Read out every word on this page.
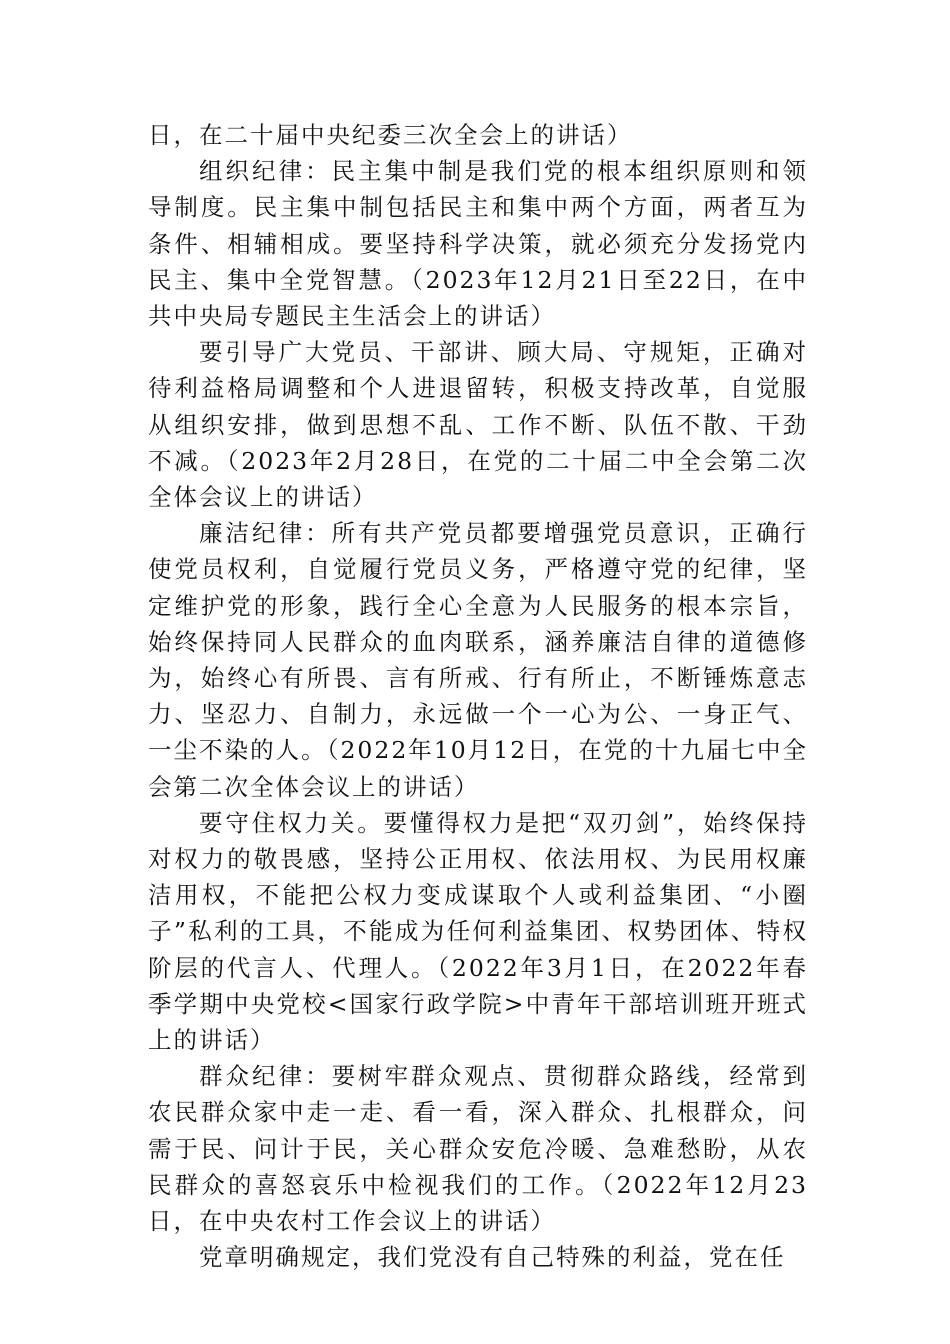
日，在二十届中央纪委三次全会上的讲话）

组织纪律：民主集中制是我们党的根本组织原则和领导制度。民主集中制包括民主和集中两个方面，两者互为条件、相辅相成。要坚持科学决策，就必须充分发扬党内民主、集中全党智慧。（2023年12月21日至22日，在中共中央局专题民主生活会上的讲话）

要引导广大党员、干部讲、顾大局、守规矩，正确对待利益格局调整和个人进退留转，积极支持改革，自觉服从组织安排，做到思想不乱、工作不断、队伍不散、干劲不减。（2023年2月28日，在党的二十届二中全会第二次全体会议上的讲话）

廉洁纪律：所有共产党员都要增强党员意识，正确行使党员权利，自觉履行党员义务，严格遵守党的纪律，坚定维护党的形象，践行全心全意为人民服务的根本宗旨，始终保持同人民群众的血肉联系，涵养廉洁自律的道德修为，始终心有所畏、言有所戒、行有所止，不断锤炼意志力、坚忍力、自制力，永远做一个一心为公、一身正气、一尘不染的人。（2022年10月12日，在党的十九届七中全会第二次全体会议上的讲话）

要守住权力关。要懂得权力是把“双刃剑”，始终保持对权力的敬畏感，坚持公正用权、依法用权、为民用权廉洁用权，不能把公权力变成谋取个人或利益集团、“小圈子”私利的工具，不能成为任何利益集团、权势团体、特权阶层的代言人、代理人。（2022年3月1日，在2022年春季学期中央党校<国家行政学院>中青年干部培训班开班式上的讲话）

群众纪律：要树牢群众观点、贯彻群众路线，经常到农民群众家中走一走、看一看，深入群众、扎根群众，问需于民、问计于民，关心群众安危冷暖、急难愁盼，从农民群众的喜怒哀乐中检视我们的工作。（2022年12月23日，在中央农村工作会议上的讲话）

党章明确规定，我们党没有自己特殊的利益，党在任
